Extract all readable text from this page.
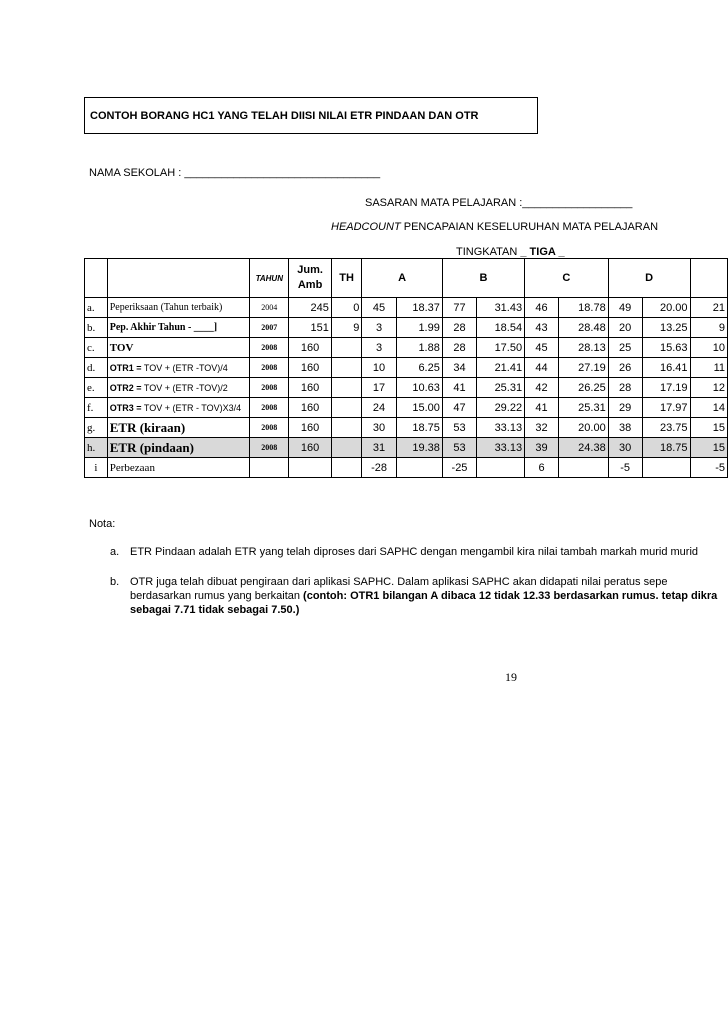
CONTOH BORANG HC1 YANG TELAH DIISI NILAI ETR PINDAAN DAN OTR
NAMA SEKOLAH : ________________________________
SASARAN MATA PELAJARAN :__________________
HEADCOUNT PENCAPAIAN KESELURUHAN MATA PELAJARAN
TINGKATAN _ TIGA _
		TAHUN	Jum. Amb	TH	A		B		C		D		
a.	Peperiksaan (Tahun terbaik)	2004	245	0	45	18.37	77	31.43	46	18.78	49	20.00	21
b.	Pep. Akhir Tahun - ____]	2007	151	9	3	1.99	28	18.54	43	28.48	20	13.25	9
c.	TOV	2008	160		3	1.88	28	17.50	45	28.13	25	15.63	10
d.	OTR1 = TOV + (ETR -TOV)/4	2008	160		10	6.25	34	21.41	44	27.19	26	16.41	11
e.	OTR2 = TOV + (ETR -TOV)/2	2008	160		17	10.63	41	25.31	42	26.25	28	17.19	12
f.	OTR3 = TOV + (ETR - TOV)X3/4	2008	160		24	15.00	47	29.22	41	25.31	29	17.97	14
g.	ETR (kiraan)	2008	160		30	18.75	53	33.13	32	20.00	38	23.75	15
h.	ETR (pindaan)	2008	160		31	19.38	53	33.13	39	24.38	30	18.75	15
i	Perbezaan				-28		-25		6		-5		-5
Nota:
a. ETR Pindaan adalah ETR yang telah diproses dari SAPHC dengan mengambil kira nilai tambah markah murid murid
b. OTR juga telah dibuat pengiraan dari aplikasi SAPHC. Dalam aplikasi SAPHC akan didapati nilai peratus sepe berdasarkan rumus yang berkaitan (contoh: OTR1 bilangan A dibaca 12 tidak 12.33 berdasarkan rumus. tetap dikra sebagai 7.71 tidak sebagai 7.50.)
19
